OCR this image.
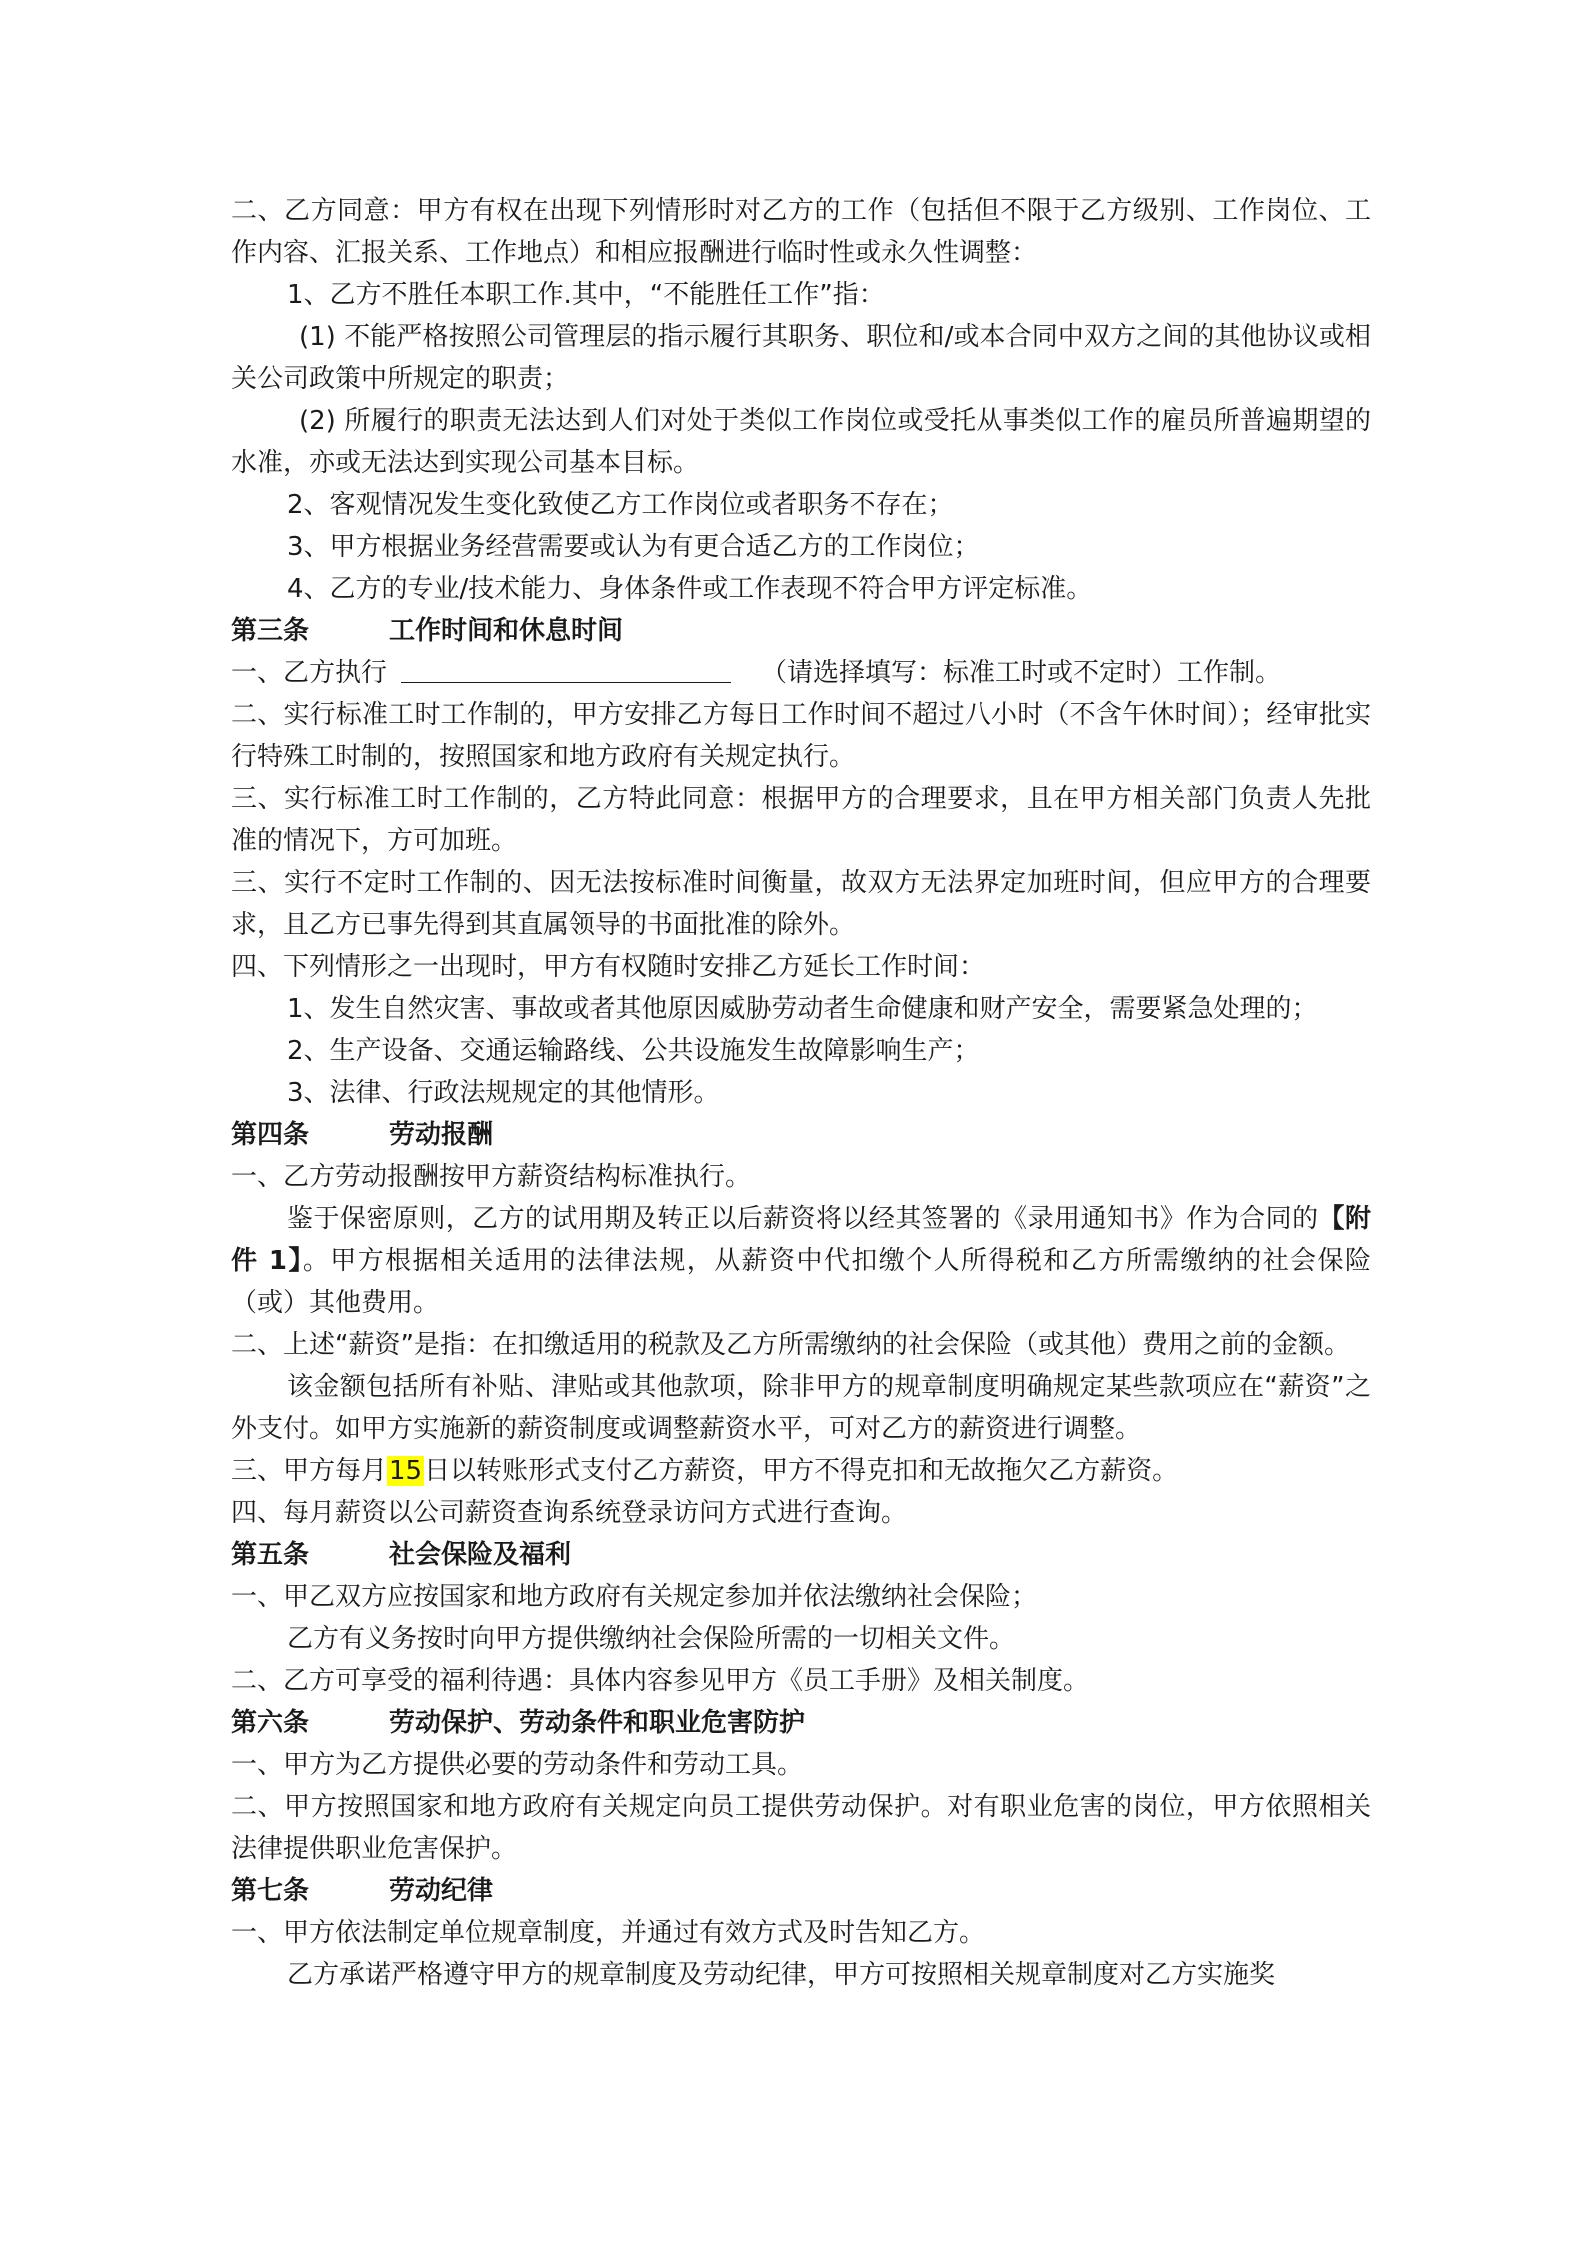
二、乙方同意：甲方有权在出现下列情形时对乙方的工作（包括但不限于乙方级别、工作岗位、工作内容、汇报关系、工作地点）和相应报酬进行临时性或永久性调整：

1、乙方不胜任本职工作.其中，“不能胜任工作”指：

(1) 不能严格按照公司管理层的指示履行其职务、职位和/或本合同中双方之间的其他协议或相关公司政策中所规定的职责；

(2) 所履行的职责无法达到人们对处于类似工作岗位或受托从事类似工作的雇员所普遍期望的水准，亦或无法达到实现公司基本目标。

2、客观情况发生变化致使乙方工作岗位或者职务不存在；

3、甲方根据业务经营需要或认为有更合适乙方的工作岗位；

4、乙方的专业/技术能力、身体条件或工作表现不符合甲方评定标准。

第三条	工作时间和休息时间

一、乙方执行	（请选择填写：标准工时或不定时）工作制。

二、实行标准工时工作制的，甲方安排乙方每日工作时间不超过八小时（不含午休时间）；经审批实行特殊工时制的，按照国家和地方政府有关规定执行。

三、实行标准工时工作制的，乙方特此同意：根据甲方的合理要求，且在甲方相关部门负责人先批准的情况下，方可加班。

三、实行不定时工作制的、因无法按标准时间衡量，故双方无法界定加班时间，但应甲方的合理要求，且乙方已事先得到其直属领导的书面批准的除外。

四、下列情形之一出现时，甲方有权随时安排乙方延长工作时间：

1、发生自然灾害、事故或者其他原因威胁劳动者生命健康和财产安全，需要紧急处理的；

2、生产设备、交通运输路线、公共设施发生故障影响生产；

3、法律、行政法规规定的其他情形。

第四条	劳动报酬

一、乙方劳动报酬按甲方薪资结构标准执行。

鉴于保密原则，乙方的试用期及转正以后薪资将以经其签署的《录用通知书》作为合同的【附件 1】。甲方根据相关适用的法律法规，从薪资中代扣缴个人所得税和乙方所需缴纳的社会保险（或）其他费用。

二、上述“薪资”是指：在扣缴适用的税款及乙方所需缴纳的社会保险（或其他）费用之前的金额。

该金额包括所有补贴、津贴或其他款项，除非甲方的规章制度明确规定某些款项应在“薪资”之外支付。如甲方实施新的薪资制度或调整薪资水平，可对乙方的薪资进行调整。

三、甲方每月15日以转账形式支付乙方薪资，甲方不得克扣和无故拖欠乙方薪资。

四、每月薪资以公司薪资查询系统登录访问方式进行查询。

第五条	社会保险及福利

一、甲乙双方应按国家和地方政府有关规定参加并依法缴纳社会保险；

乙方有义务按时向甲方提供缴纳社会保险所需的一切相关文件。

二、乙方可享受的福利待遇：具体内容参见甲方《员工手册》及相关制度。

第六条	劳动保护、劳动条件和职业危害防护

一、甲方为乙方提供必要的劳动条件和劳动工具。

二、甲方按照国家和地方政府有关规定向员工提供劳动保护。对有职业危害的岗位，甲方依照相关法律提供职业危害保护。

第七条	劳动纪律

一、甲方依法制定单位规章制度，并通过有效方式及时告知乙方。

乙方承诺严格遵守甲方的规章制度及劳动纪律，甲方可按照相关规章制度对乙方实施奖
